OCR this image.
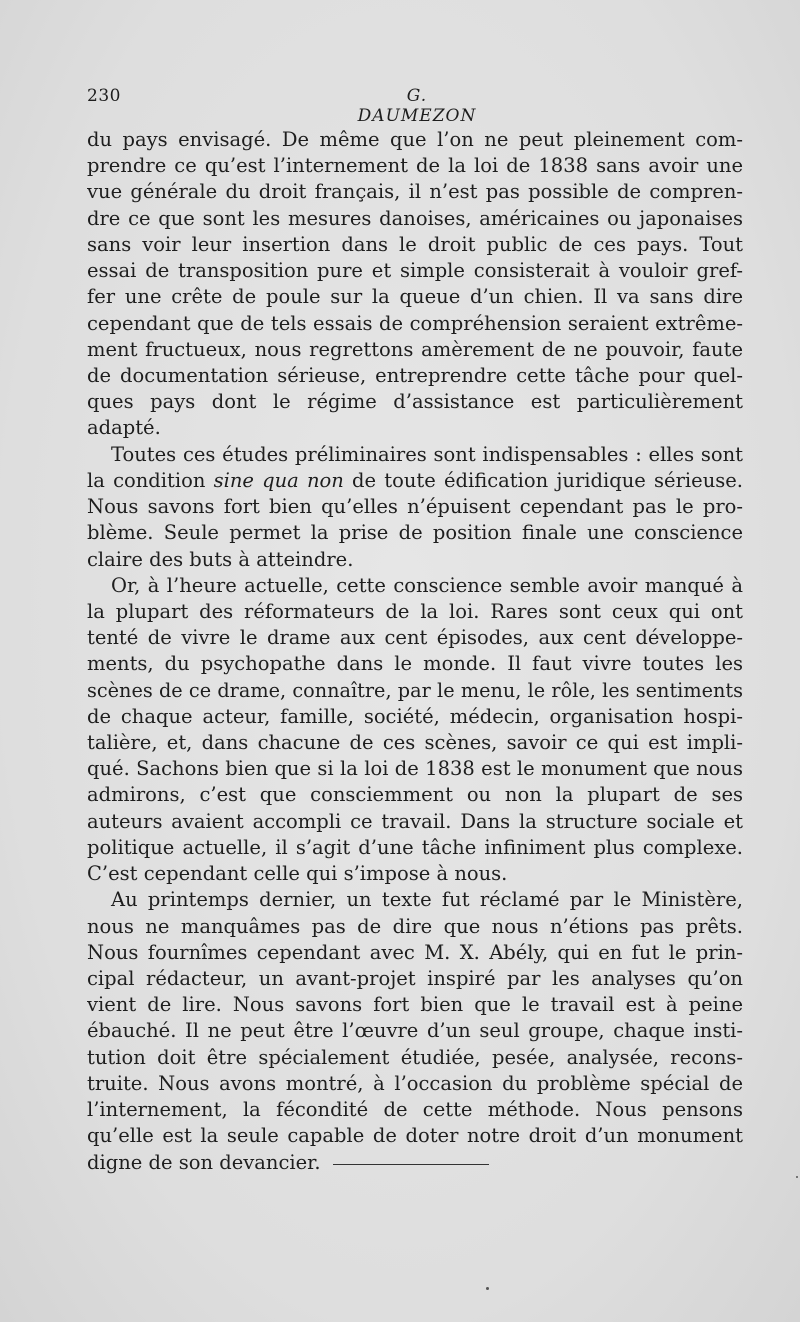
230	G. DAUMEZON
du pays envisagé. De même que l’on ne peut pleinement com-
prendre ce qu’est l’internement de la loi de 1838 sans avoir une
vue générale du droit français, il n’est pas possible de compren-
dre ce que sont les mesures danoises, américaines ou japonaises
sans voir leur insertion dans le droit public de ces pays. Tout
essai de transposition pure et simple consisterait à vouloir gref-
fer une crête de poule sur la queue d’un chien. Il va sans dire
cependant que de tels essais de compréhension seraient extrême-
ment fructueux, nous regrettons amèrement de ne pouvoir, faute
de documentation sérieuse, entreprendre cette tâche pour quel-
ques pays dont le régime d’assistance est particulièrement
adapté.
Toutes ces études préliminaires sont indispensables : elles sont
la condition sine qua non de toute édification juridique sérieuse.
Nous savons fort bien qu’elles n’épuisent cependant pas le pro-
blème. Seule permet la prise de position finale une conscience
claire des buts à atteindre.
Or, à l’heure actuelle, cette conscience semble avoir manqué à
la plupart des réformateurs de la loi. Rares sont ceux qui ont
tenté de vivre le drame aux cent épisodes, aux cent développe-
ments, du psychopathe dans le monde. Il faut vivre toutes les
scènes de ce drame, connaître, par le menu, le rôle, les sentiments
de chaque acteur, famille, société, médecin, organisation hospi-
talière, et, dans chacune de ces scènes, savoir ce qui est impli-
qué. Sachons bien que si la loi de 1838 est le monument que nous
admirons, c’est que consciemment ou non la plupart de ses
auteurs avaient accompli ce travail. Dans la structure sociale et
politique actuelle, il s’agit d’une tâche infiniment plus complexe.
C’est cependant celle qui s’impose à nous.
Au printemps dernier, un texte fut réclamé par le Ministère,
nous ne manquâmes pas de dire que nous n’étions pas prêts.
Nous fournîmes cependant avec M. X. Abély, qui en fut le prin-
cipal rédacteur, un avant-projet inspiré par les analyses qu’on
vient de lire. Nous savons fort bien que le travail est à peine
ébauché. Il ne peut être l’œuvre d’un seul groupe, chaque insti-
tution doit être spécialement étudiée, pesée, analysée, recons-
truite. Nous avons montré, à l’occasion du problème spécial de
l’internement, la fécondité de cette méthode. Nous pensons
qu’elle est la seule capable de doter notre droit d’un monument
digne de son devancier.
